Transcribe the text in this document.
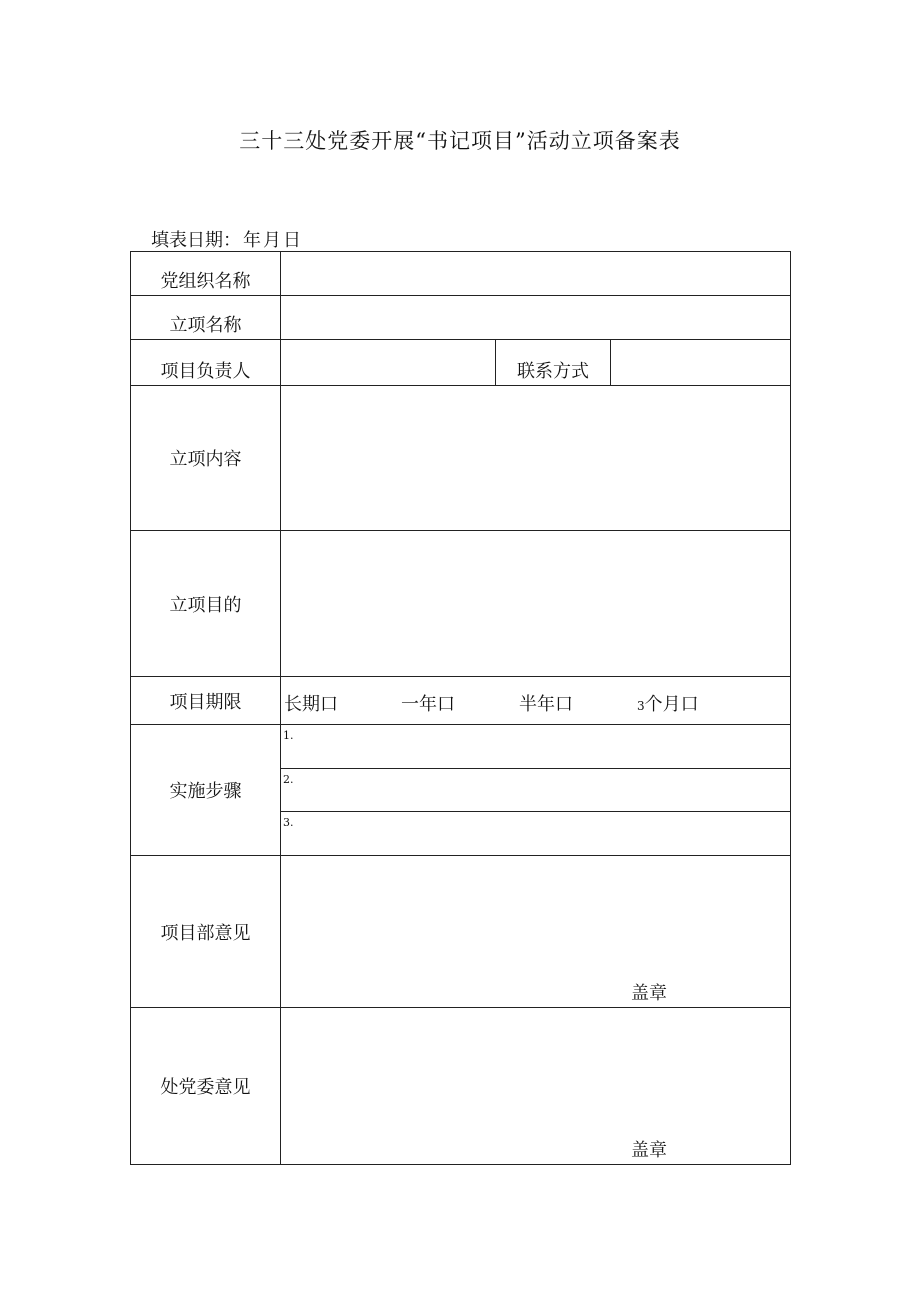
三十三处党委开展“书记项目”活动立项备案表
填表日期： 年 月 日
党组织名称			
立项名称			
项目负责人		联系方式	
立项内容			
立项目的			
项目期限	长期口 一年口 半年口 3个月口		

实施步骤	1.		

	2.		

	3.		

项目部意见	盖章		

处党委意见	盖章		
